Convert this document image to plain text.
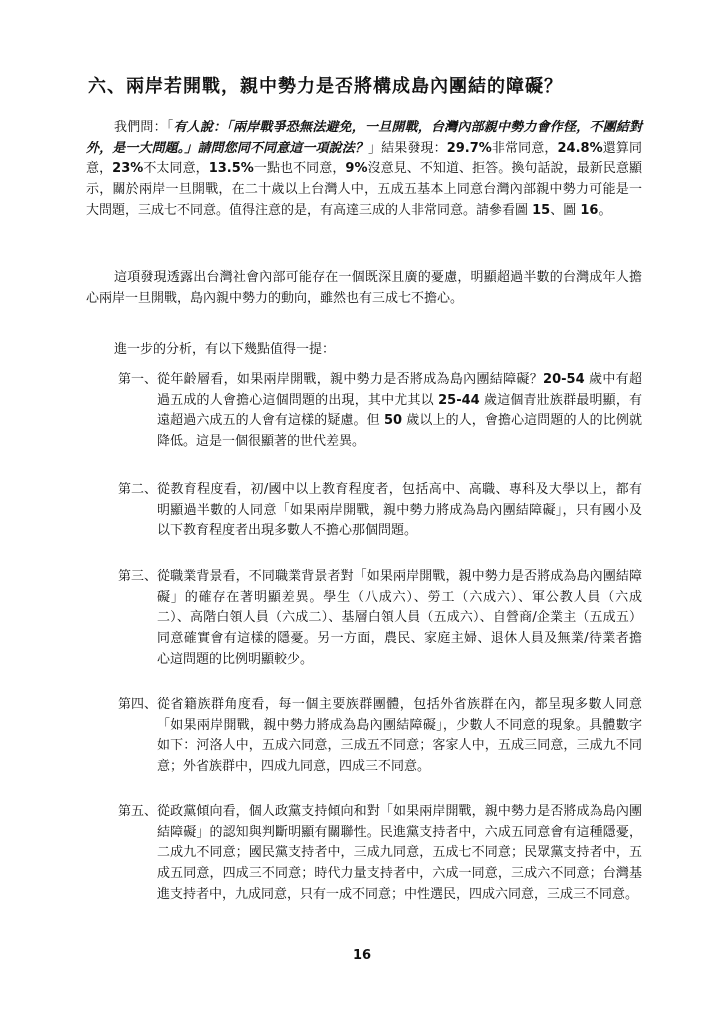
六、兩岸若開戰，親中勢力是否將構成島內團結的障礙？

我們問：「有人說：「兩岸戰爭恐無法避免，一旦開戰，台灣內部親中勢力會作怪，不團結對外，是一大問題。」請問您同不同意這一項說法？」結果發現：29.7%非常同意，24.8%還算同意，23%不太同意，13.5%一點也不同意，9%沒意見、不知道、拒答。換句話說，最新民意顯示，關於兩岸一旦開戰，在二十歲以上台灣人中，五成五基本上同意台灣內部親中勢力可能是一大問題，三成七不同意。值得注意的是，有高達三成的人非常同意。請參看圖 15、圖 16。

這項發現透露出台灣社會內部可能存在一個既深且廣的憂慮，明顯超過半數的台灣成年人擔心兩岸一旦開戰，島內親中勢力的動向，雖然也有三成七不擔心。

進一步的分析，有以下幾點值得一提：

第一、 從年齡層看，如果兩岸開戰，親中勢力是否將成為島內團結障礙？20-54 歲中有超過五成的人會擔心這個問題的出現，其中尤其以 25-44 歲這個青壯族群最明顯，有遠超過六成五的人會有這樣的疑慮。但 50 歲以上的人，會擔心這問題的人的比例就降低。這是一個很顯著的世代差異。
第二、 從教育程度看，初/國中以上教育程度者，包括高中、高職、專科及大學以上，都有明顯過半數的人同意「如果兩岸開戰，親中勢力將成為島內團結障礙」，只有國小及以下教育程度者出現多數人不擔心那個問題。
第三、 從職業背景看，不同職業背景者對「如果兩岸開戰，親中勢力是否將成為島內團結障礙」的確存在著明顯差異。學生（八成六）、勞工（六成六）、軍公教人員（六成二）、高階白領人員（六成二）、基層白領人員（五成六）、自營商/企業主（五成五）同意確實會有這樣的隱憂。另一方面，農民、家庭主婦、退休人員及無業/待業者擔心這問題的比例明顯較少。
第四、 從省籍族群角度看，每一個主要族群團體，包括外省族群在內，都呈現多數人同意「如果兩岸開戰，親中勢力將成為島內團結障礙」，少數人不同意的現象。具體數字如下：河洛人中，五成六同意，三成五不同意；客家人中，五成三同意，三成九不同意；外省族群中，四成九同意，四成三不同意。
第五、 從政黨傾向看，個人政黨支持傾向和對「如果兩岸開戰，親中勢力是否將成為島內團結障礙」的認知與判斷明顯有關聯性。民進黨支持者中，六成五同意會有這種隱憂，二成九不同意；國民黨支持者中，三成九同意，五成七不同意；民眾黨支持者中，五成五同意，四成三不同意；時代力量支持者中，六成一同意，三成六不同意；台灣基進支持者中，九成同意，只有一成不同意；中性選民，四成六同意，三成三不同意。
16
